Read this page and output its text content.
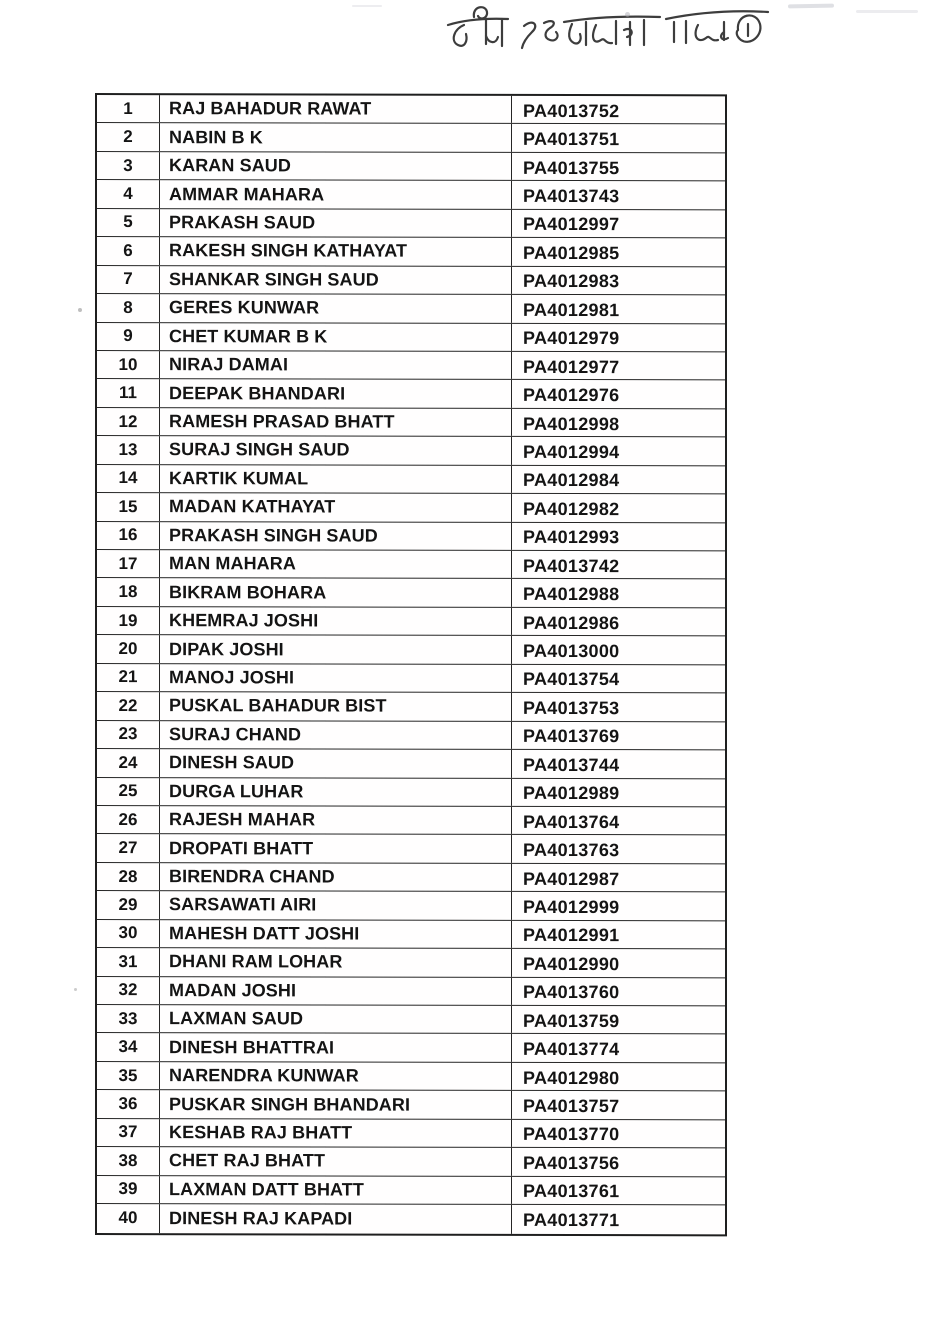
1	RAJ BAHADUR RAWAT	PA4013752
2	NABIN B K	PA4013751
3	KARAN SAUD	PA4013755
4	AMMAR MAHARA	PA4013743
5	PRAKASH SAUD	PA4012997
6	RAKESH SINGH KATHAYAT	PA4012985
7	SHANKAR SINGH SAUD	PA4012983
8	GERES KUNWAR	PA4012981
9	CHET KUMAR B K	PA4012979
10	NIRAJ DAMAI	PA4012977
11	DEEPAK BHANDARI	PA4012976
12	RAMESH PRASAD BHATT	PA4012998
13	SURAJ SINGH SAUD	PA4012994
14	KARTIK KUMAL	PA4012984
15	MADAN KATHAYAT	PA4012982
16	PRAKASH SINGH SAUD	PA4012993
17	MAN MAHARA	PA4013742
18	BIKRAM BOHARA	PA4012988
19	KHEMRAJ JOSHI	PA4012986
20	DIPAK JOSHI	PA4013000
21	MANOJ JOSHI	PA4013754
22	PUSKAL BAHADUR BIST	PA4013753
23	SURAJ CHAND	PA4013769
24	DINESH SAUD	PA4013744
25	DURGA LUHAR	PA4012989
26	RAJESH MAHAR	PA4013764
27	DROPATI BHATT	PA4013763
28	BIRENDRA CHAND	PA4012987
29	SARSAWATI AIRI	PA4012999
30	MAHESH DATT JOSHI	PA4012991
31	DHANI RAM LOHAR	PA4012990
32	MADAN JOSHI	PA4013760
33	LAXMAN SAUD	PA4013759
34	DINESH BHATTRAI	PA4013774
35	NARENDRA KUNWAR	PA4012980
36	PUSKAR SINGH BHANDARI	PA4013757
37	KESHAB RAJ BHATT	PA4013770
38	CHET RAJ BHATT	PA4013756
39	LAXMAN DATT BHATT	PA4013761
40	DINESH RAJ KAPADI	PA4013771
